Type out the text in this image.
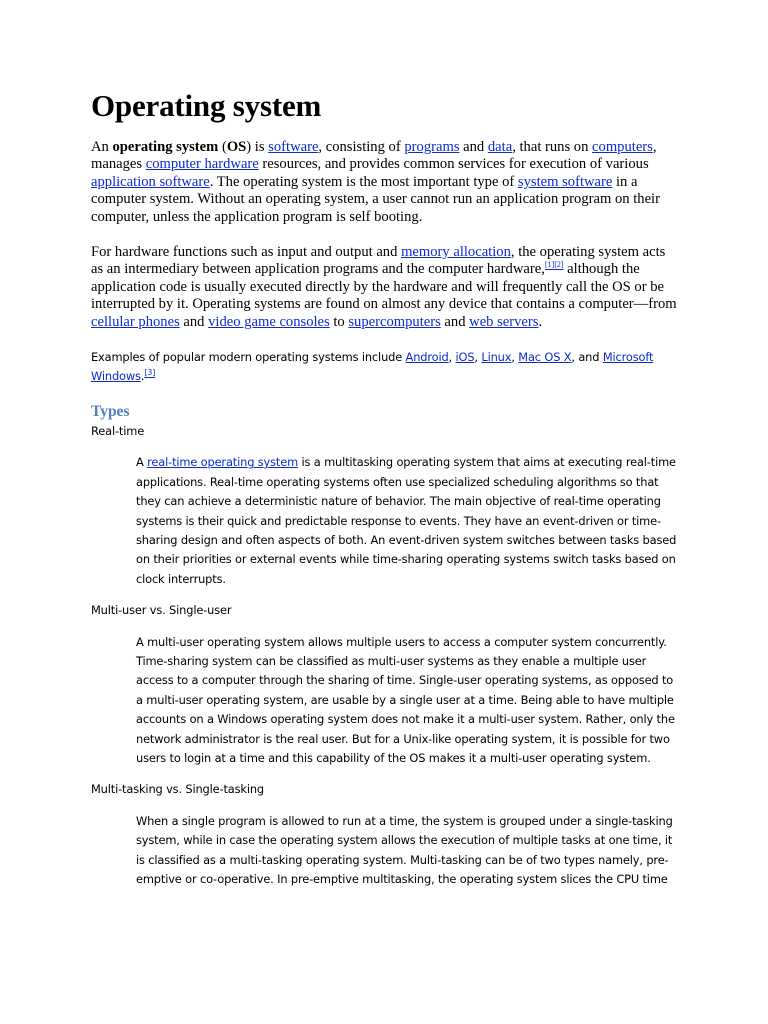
Operating system

An operating system (OS) is software, consisting of programs and data, that runs on computers, manages computer hardware resources, and provides common services for execution of various application software. The operating system is the most important type of system software in a computer system. Without an operating system, a user cannot run an application program on their computer, unless the application program is self booting.

For hardware functions such as input and output and memory allocation, the operating system acts as an intermediary between application programs and the computer hardware,[1][2] although the application code is usually executed directly by the hardware and will frequently call the OS or be interrupted by it. Operating systems are found on almost any device that contains a computer—from cellular phones and video game consoles to supercomputers and web servers.

Examples of popular modern operating systems include Android, iOS, Linux, Mac OS X, and Microsoft Windows.[3]

Types
Real-time

A real-time operating system is a multitasking operating system that aims at executing real-time applications. Real-time operating systems often use specialized scheduling algorithms so that they can achieve a deterministic nature of behavior. The main objective of real-time operating systems is their quick and predictable response to events. They have an event-driven or time-sharing design and often aspects of both. An event-driven system switches between tasks based on their priorities or external events while time-sharing operating systems switch tasks based on clock interrupts.

Multi-user vs. Single-user

A multi-user operating system allows multiple users to access a computer system concurrently. Time-sharing system can be classified as multi-user systems as they enable a multiple user access to a computer through the sharing of time. Single-user operating systems, as opposed to a multi-user operating system, are usable by a single user at a time. Being able to have multiple accounts on a Windows operating system does not make it a multi-user system. Rather, only the network administrator is the real user. But for a Unix-like operating system, it is possible for two users to login at a time and this capability of the OS makes it a multi-user operating system.

Multi-tasking vs. Single-tasking

When a single program is allowed to run at a time, the system is grouped under a single-tasking system, while in case the operating system allows the execution of multiple tasks at one time, it is classified as a multi-tasking operating system. Multi-tasking can be of two types namely, pre-emptive or co-operative. In pre-emptive multitasking, the operating system slices the CPU time
